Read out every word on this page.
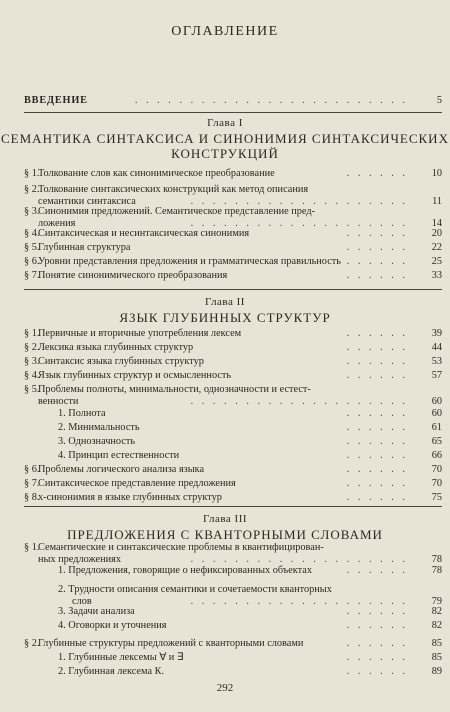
ОГЛАВЛЕНИЕ
ВВЕДЕНИЕ	. . . . . . . . . . . . . . . . . . . . . . . . .	5
Глава I
СЕМАНТИКА СИНТАКСИСА И СИНОНИМИЯ СИНТАКСИЧЕСКИХ
КОНСТРУКЦИЙ
§ 1.
Толкование слов как синонимическое преобразование	. . . . . .	10
§ 2.
Толкование синтаксических конструкций как метод описания
семантики синтаксиса	. . . . . . . . . . . . . . . . . . . .	11
§ 3.
Синонимия предложений. Семантическое представление пред-
ложения	. . . . . . . . . . . . . . . . . . . .	14
§ 4.
Синтаксическая и несинтаксическая синонимия	. . . . . .	20
§ 5.
Глубинная структура	. . . . . .	22
§ 6.
Уровни представления предложения и грамматическая правильность . . . . . .	25
§ 7.
Понятие синонимического преобразования	. . . . . .	33
Глава II
ЯЗЫК ГЛУБИННЫХ СТРУКТУР
§ 1.
Первичные и вторичные употребления лексем	. . . . . .	39
§ 2.
Лексика языка глубинных структур	. . . . . .	44
§ 3.
Синтаксис языка глубинных структур	. . . . . .	53
§ 4.
Язык глубинных структур и осмысленность	. . . . . .	57
§ 5.
Проблемы полноты, минимальности, однозначности и естест-
венности	. . . . . . . . . . . . . . . . . . . .	60
1. Полнота	. . . . . .	60
2. Минимальность	. . . . . .	61
3. Однозначность	. . . . . .	65
4. Принцип естественности	. . . . . .	66
§ 6.
Проблемы логического анализа языка	. . . . . .	70
§ 7.
Синтаксическое представление предложения	. . . . . .	70
§ 8.
x-синонимия в языке глубинных структур	. . . . . .	75
Глава III
ПРЕДЛОЖЕНИЯ С КВАНТОРНЫМИ СЛОВАМИ
§ 1.
Семантические и синтаксические проблемы в квантифицирован-
ных предложениях	. . . . . . . . . . . . . . . . . . . .	78
1. Предложения, говорящие о нефиксированных объектах	. . . . . .	78
2. Трудности описания семантики и сочетаемости кванторных
слов	. . . . . . . . . . . . . . . . . . . .	79
3. Задачи анализа	. . . . . .	82
4. Оговорки и уточнения	. . . . . .	82
§ 2.
Глубинные структуры предложений с кванторными словами	. . . . . .	85
1. Глубинные лексемы ∀ и ∃	. . . . . .	85
2. Глубинная лексема К.	. . . . . .	89
292
